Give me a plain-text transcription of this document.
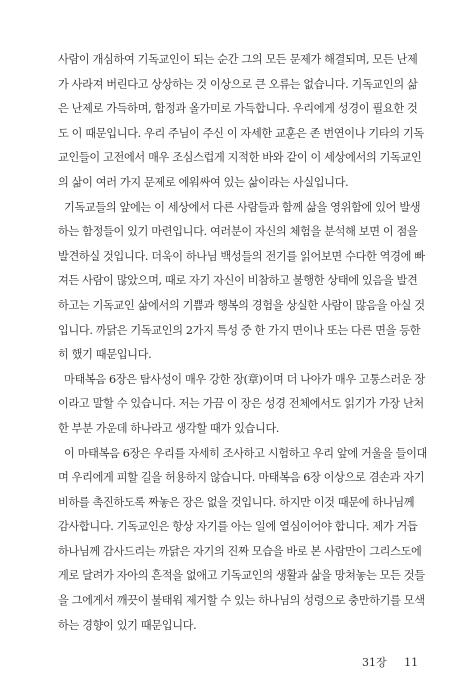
사람이 개심하여 기독교인이 되는 순간 그의 모든 문제가 해결되며, 모든 난제
가 사라져 버린다고 상상하는 것 이상으로 큰 오류는 없습니다. 기독교인의 삶
은 난제로 가득하며, 함정과 올가미로 가득합니다. 우리에게 성경이 필요한 것
도 이 때문입니다. 우리 주님이 주신 이 자세한 교훈은 존 번연이나 기타의 기독
교인들이 고전에서 매우 조심스럽게 지적한 바와 같이 이 세상에서의 기독교인
의 삶이 여러 가지 문제로 에워싸여 있는 삶이라는 사실입니다.
기독교들의 앞에는 이 세상에서 다른 사람들과 함께 삶을 영위함에 있어 발생
하는 함정들이 있기 마련입니다. 여러분이 자신의 체험을 분석해 보면 이 점을
발견하실 것입니다. 더욱이 하나님 백성들의 전기를 읽어보면 수다한 역경에 빠
져든 사람이 많았으며, 때로 자기 자신이 비참하고 불행한 상태에 있음을 발견
하고는 기독교인 삶에서의 기쁨과 행복의 경험을 상실한 사람이 많음을 아실 것
입니다. 까닭은 기독교인의 2가지 특성 중 한 가지 면이나 또는 다른 면을 등한
히 했기 때문입니다.
마태복음 6장은 탐사성이 매우 강한 장(章)이며 더 나아가 매우 고통스러운 장
이라고 말할 수 있습니다. 저는 가끔 이 장은 성경 전체에서도 읽기가 가장 난처
한 부분 가운데 하나라고 생각할 때가 있습니다.
이 마태복음 6장은 우리를 자세히 조사하고 시험하고 우리 앞에 거울을 들이대
며 우리에게 피할 길을 허용하지 않습니다. 마태복음 6장 이상으로 겸손과 자기
비하를 촉진하도록 짜놓은 장은 없을 것입니다. 하지만 이것 때문에 하나님께
감사합니다. 기독교인은 항상 자기를 아는 일에 열심이어야 합니다. 제가 거듭
하나님께 감사드리는 까닭은 자기의 진짜 모습을 바로 본 사람만이 그리스도에
게로 달려가 자아의 흔적을 없애고 기독교인의 생활과 삶을 망쳐놓는 모든 것들
을 그에게서 깨끗이 불태워 제거할 수 있는 하나님의 성령으로 충만하기를 모색
하는 경향이 있기 때문입니다.
31장 11
